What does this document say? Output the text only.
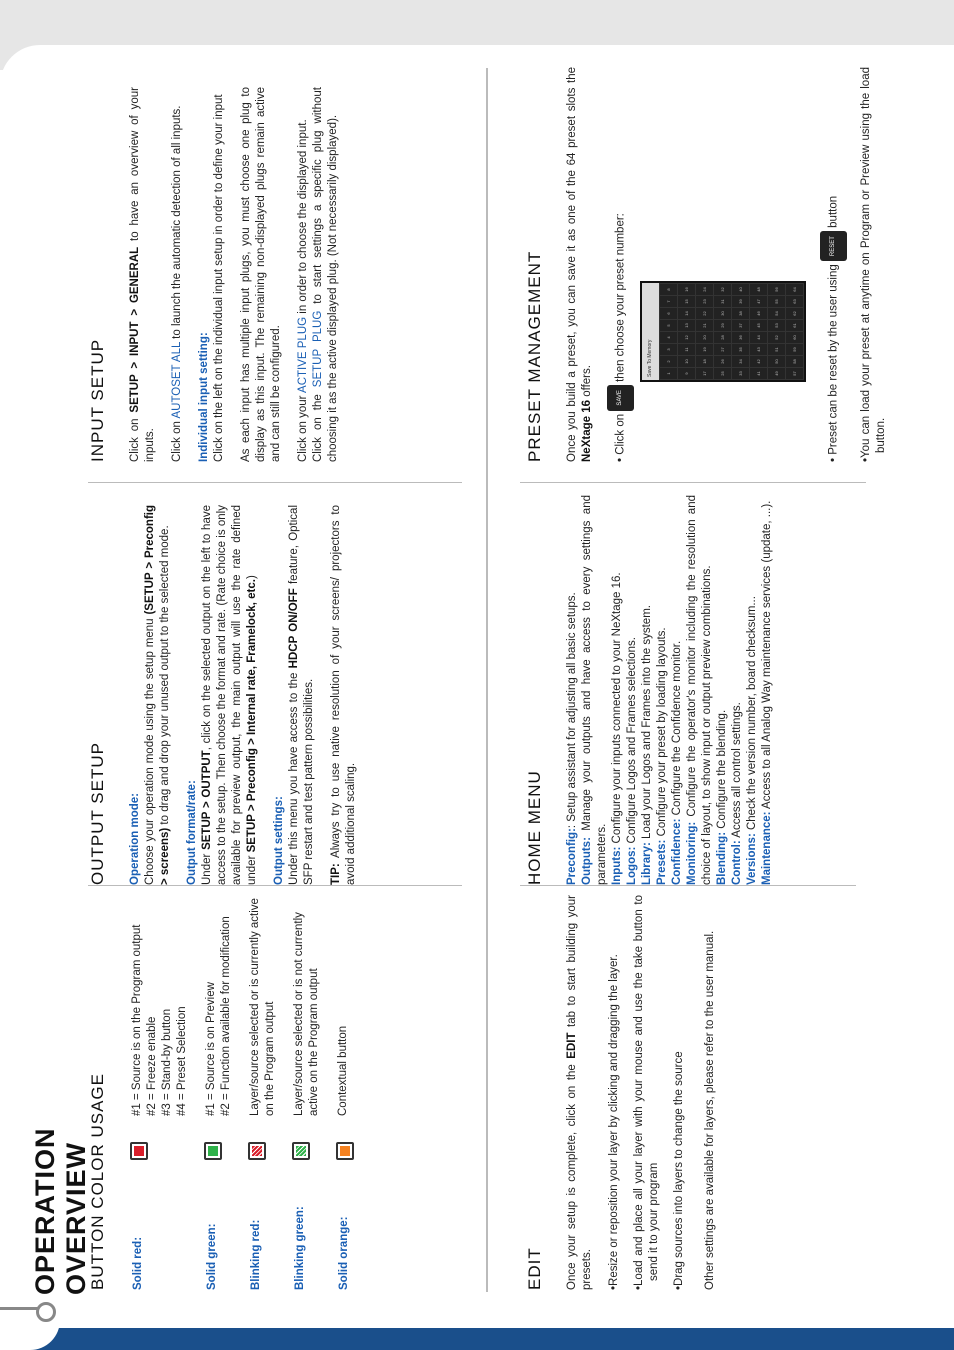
OPERATION OVERVIEW
BUTTON COLOR USAGE Solid red:
#1 = Source is on the Program output #2 = Freeze enable #3 = Stand-by button #4 = Preset Selection
Solid green:
#1 = Source is on Preview #2 = Function available for modification
Blinking red:
Layer/source selected or is currently active on the Program output
Blinking green:
Layer/source selected or is not currently active on the Program output
Solid orange:
Contextual button
EDIT Once your setup is complete, click on the EDIT tab to start building your presets. • Resize or reposition your layer by clicking and dragging the layer. • Load and place all your layer with your mouse and use the take button to send it to your program • Drag sources into layers to change the source Other settings are available for layers, please refer to the user manual.

OUTPUT SETUP Operation mode: Choose your operation mode using the setup menu (SETUP > Preconfig > screens) to drag and drop your unused output to the selected mode.

Output format/rate: Under SETUP > OUTPUT, click on the selected output on the left to have access to the setup. Then choose the format and rate. (Rate choice is only available for preview output, the main output will use the rate defined under SETUP > Preconfig > Internal rate, Framelock, etc.)

Output settings: Under this menu you have access to the HDCP ON/OFF feature, Optical SFP restart and test pattern possibilities. TIP: Always try to use native resolution of your screens/ projectors to avoid additional scaling.	HOME MENU Preconfig:: Setup assistant for adjusting all basic setups.
Outputs: Manage your outputs and have access to every settings and parameters. Inputs: Configure your inputs connected to your NeXtage 16.
Logos: Configure Logos and Frames selections.
Library: Load your Logos and Frames into the system.
Presets: Configure your preset by loading layouts.
Confidence: Configure the Confidence monitor.
Monitoring: Configure the operator's monitor including the resolution and choice of layout, to show input or output preview combinations. Blending: Configure the blending.
Control: Access all control settings.
Versions: Check the version number, board checksum...
Maintenance: Access to all Analog Way maintenance services (update, ...).
INPUT SETUP Click on SETUP > INPUT > GENERAL to have an overview of your inputs. Click on AUTOSET ALL to launch the automatic detection of all inputs.

Individual input setting: Click on the left on the individual input setup in order to define your input As each input has multiple input plugs, you must choose one plug to display as this input. The remaining non-displayed plugs remain active and can still be configured. Click on your ACTIVE PLUG in order to choose the displayed input.

Click on the SETUP PLUG to start settings a specific plug without choosing it as the active displayed plug. (Not necessarily displayed).	PRESET MANAGEMENT Once you build a preset, you can save it as one of the 64 preset slots the NeXtage 16 offers.

• Click on SAVE then choose your preset number:	Save To Memory	1	2	3	4	5	6	7	8
9	10	11	12	13	14	15	16
17	18	19	20	21	22	23	24
25	26	27	28	29	30	31	32
33	34	35	36	37	38	39	40
41	42	43	44	45	46	47	48
49	50	51	52	53	54	55	56
57	58	59	60	61	62	63	64
• Preset can be reset by the user using RESET button	• You can load your preset at anytime on Program or Preview using the load button.
